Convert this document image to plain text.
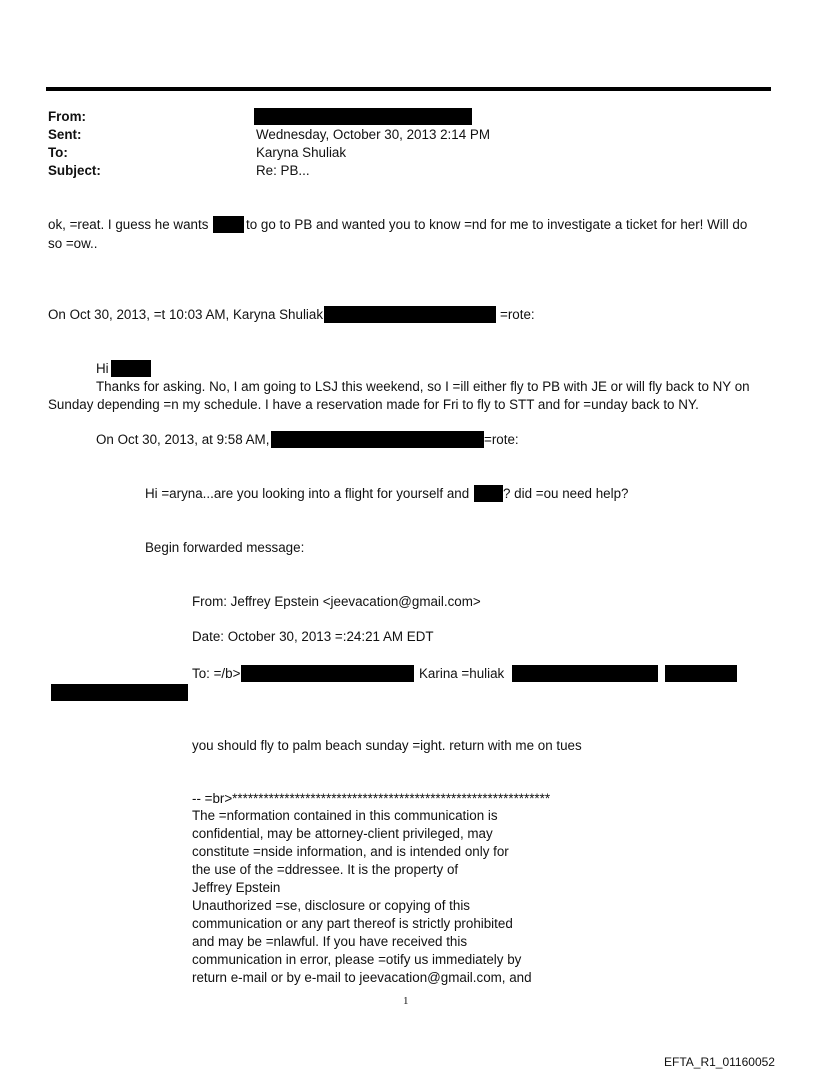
From:
Sent:	Wednesday, October 30, 2013 2:14 PM
To:	Karyna Shuliak
Subject:	Re: PB...
ok, =reat. I guess he wants	to go to PB and wanted you to know =nd for me to investigate a ticket for her! Will do
so =ow..
On Oct 30, 2013, =t 10:03 AM, Karyna Shuliak	=rote:
Hi
Thanks for asking. No, I am going to LSJ this weekend, so I =ill either fly to PB with JE or will fly back to NY on
Sunday depending =n my schedule. I have a reservation made for Fri to fly to STT and for =unday back to NY.
On Oct 30, 2013, at 9:58 AM,	=rote:
Hi =aryna...are you looking into a flight for yourself and	? did =ou need help?
Begin forwarded message:
From: Jeffrey Epstein <jeevacation@gmail.com>
Date: October 30, 2013 =:24:21 AM EDT
To: =/b>	Karina =huliak
you should fly to palm beach sunday =ight. return with me on tues
-- =br>*************************************************************
The =nformation contained in this communication is
confidential, may be attorney-client privileged, may
constitute =nside information, and is intended only for
the use of the =ddressee. It is the property of
Jeffrey Epstein
Unauthorized =se, disclosure or copying of this
communication or any part thereof is strictly prohibited
and may be =nlawful. If you have received this
communication in error, please =otify us immediately by
return e-mail or by e-mail to jeevacation@gmail.com, and
1
EFTA_R1_01160052
